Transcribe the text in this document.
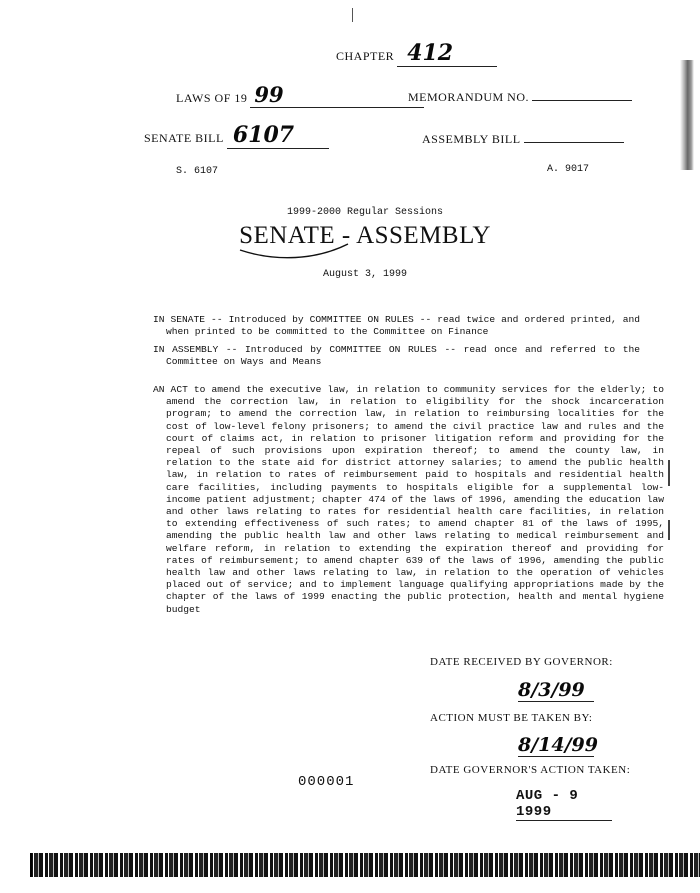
CHAPTER 412
LAWS OF 19 99	MEMORANDUM NO.
SENATE BILL 6107	ASSEMBLY BILL
S. 6107	A. 9017
1999-2000 Regular Sessions
SENATE - ASSEMBLY
August 3, 1999
IN SENATE -- Introduced by COMMITTEE ON RULES -- read twice and ordered printed, and when printed to be committed to the Committee on Finance
IN ASSEMBLY -- Introduced by COMMITTEE ON RULES -- read once and referred to the Committee on Ways and Means
AN ACT to amend the executive law, in relation to community services for the elderly; to amend the correction law, in relation to eligibility for the shock incarceration program; to amend the correction law, in relation to reimbursing localities for the cost of low-level felony prisoners; to amend the civil practice law and rules and the court of claims act, in relation to prisoner litigation reform and providing for the repeal of such provisions upon expiration thereof; to amend the county law, in relation to the state aid for district attorney salaries; to amend the public health law, in relation to rates of reimbursement paid to hospitals and residential health care facilities, including payments to hospitals eligible for a supplemental low-income patient adjustment; chapter 474 of the laws of 1996, amending the education law and other laws relating to rates for residential health care facilities, in relation to extending effectiveness of such rates; to amend chapter 81 of the laws of 1995, amending the public health law and other laws relating to medical reimbursement and welfare reform, in relation to extending the expiration thereof and providing for rates of reimbursement; to amend chapter 639 of the laws of 1996, amending the public health law and other laws relating to law, in relation to the operation of vehicles placed out of service; and to implement language qualifying appropriations made by the chapter of the laws of 1999 enacting the public protection, health and mental hygiene budget
DATE RECEIVED BY GOVERNOR:
8/3/99
ACTION MUST BE TAKEN BY:
8/14/99
DATE GOVERNOR'S ACTION TAKEN:
AUG - 9 1999
000001
